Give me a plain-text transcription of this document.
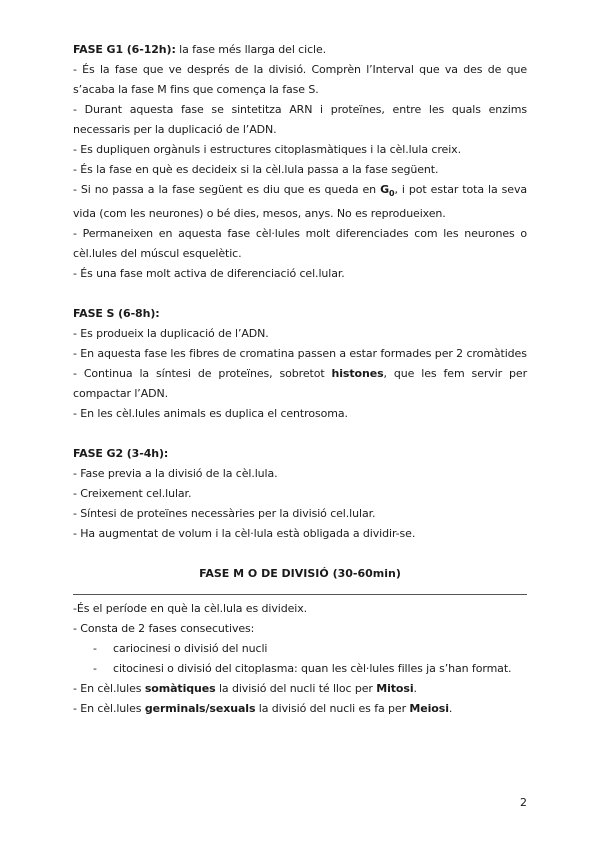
FASE G1 (6-12h): la fase més llarga del cicle.

- És la fase que ve després de la divisió. Comprèn l’Interval que va des de que s’acaba la fase M fins que comença la fase S.

- Durant aquesta fase se sintetitza ARN i proteïnes, entre les quals enzims necessaris per la duplicació de l’ADN.

- Es dupliquen orgànuls i estructures citoplasmàtiques i la cèl.lula creix.

- És la fase en què es decideix si la cèl.lula passa a la fase següent.

- Si no passa a la fase següent es diu que es queda en $G_0$, i pot estar tota la seva vida (com les neurones) o bé dies, mesos, anys. No es reprodueixen.

- Permaneixen en aquesta fase cèl·lules molt diferenciades com les neurones o cèl.lules del múscul esquelètic.

- És una fase molt activa de diferenciació cel.lular.

FASE S (6-8h):

- Es produeix la duplicació de l’ADN.

- En aquesta fase les fibres de cromatina passen a estar formades per 2 cromàtides

- Continua la síntesi de proteïnes, sobretot histones, que les fem servir per compactar l’ADN.

- En les cèl.lules animals es duplica el centrosoma.

FASE G2 (3-4h):

- Fase previa a la divisió de la cèl.lula.

- Creixement cel.lular.

- Síntesi de proteïnes necessàries per la divisió cel.lular.

- Ha augmentat de volum i la cèl·lula està obligada a dividir-se.

FASE M O DE DIVISIÓ (30-60min)

-És el període en què la cèl.lula es divideix.

- Consta de 2 fases consecutives:

-	cariocinesi o divisió del nucli
-	citocinesi o divisió del citoplasma: quan les cèl·lules filles ja s’han format.

- En cèl.lules somàtiques la divisió del nucli té lloc per Mitosi.

- En cèl.lules germinals/sexuals la divisió del nucli es fa per Meiosi.

2
